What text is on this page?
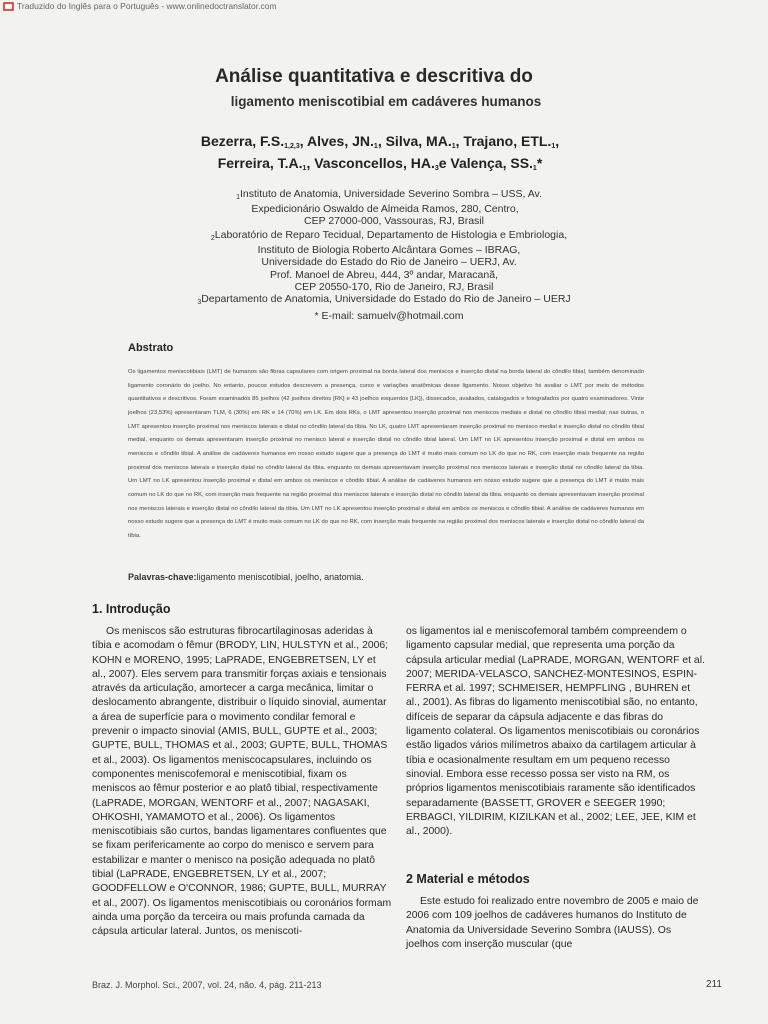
Traduzido do Inglês para o Português - www.onlinedoctranslator.com
Análise quantitativa e descritiva do
ligamento meniscotibial em cadáveres humanos
Bezerra, $F.S._{1,2,3}$, Alves, $JN._1$, Silva, $MA._1$, Trajano, $ETL._1$,
Ferreira, $T.A._1$, Vasconcellos, $HA._3e$ Valença, $SS._1*$
$_1$Instituto de Anatomia, Universidade Severino Sombra – USS, Av.
Expedicionário Oswaldo de Almeida Ramos, 280, Centro,
CEP 27000-000, Vassouras, RJ, Brasil
$_2$Laboratório de Reparo Tecidual, Departamento de Histologia e Embriologia,
Instituto de Biologia Roberto Alcântara Gomes – IBRAG,
Universidade do Estado do Rio de Janeiro – UERJ, Av.
Prof. Manoel de Abreu, 444, 3º andar, Maracanã,
CEP 20550-170, Rio de Janeiro, RJ, Brasil
$_3$Departamento de Anatomia, Universidade do Estado do Rio de Janeiro – UERJ
* E-mail: samuelv@hotmail.com
Abstrato
Os ligamentos meniscotibiais (LMT) de humanos são fibras capsulares com origem proximal na borda lateral dos meniscos e inserção distal na borda lateral do côndilo tibial, também denominado ligamento coronário do joelho. No entanto, poucos estudos descrevem a presença, curso e variações anatômicas desse ligamento. Nosso objetivo foi avaliar o LMT por meio de métodos quantitativos e descritivos. Foram examinados 85 joelhos (42 joelhos direitos [RK] e 43 joelhos esquerdos [LK]), dissecados, avaliados, catalogados e fotografados por quatro examinadores. Vinte joelhos (23,53%) apresentaram TLM, 6 (30%) em RK e 14 (70%) em LK. Em dois RKs, o LMT apresentou inserção proximal nos meniscos mediais e distal no côndilo tibial medial; nas outras, o LMT apresentou inserção proximal nos meniscos laterais e distal no côndilo lateral da tíbia. No LK, quatro LMT apresentaram inserção proximal no menisco medial e inserção distal no côndilo tibial medial, enquanto os demais apresentaram inserção proximal no menisco lateral e inserção distal no côndilo tibial lateral. Um LMT no LK apresentou inserção proximal e distal em ambos os meniscos e côndilo tibial. A análise de cadáveres humanos em nosso estudo sugere que a presença do LMT é muito mais comum no LK do que no RK, com inserção mais frequente na região proximal dos meniscos laterais e inserção distal no côndilo lateral da tíbia. enquanto os demais apresentavam inserção proximal nos meniscos laterais e inserção distal no côndilo lateral da tíbia. Um LMT no LK apresentou inserção proximal e distal em ambos os meniscos e côndilo tibial. A análise de cadáveres humanos em nosso estudo sugere que a presença do LMT é muito mais comum no LK do que no RK, com inserção mais frequente na região proximal dos meniscos laterais e inserção distal no côndilo lateral da tíbia. enquanto os demais apresentavam inserção proximal nos meniscos laterais e inserção distal no côndilo lateral da tíbia. Um LMT no LK apresentou inserção proximal e distal em ambos os meniscos e côndilo tibial. A análise de cadáveres humanos em nosso estudo sugere que a presença do LMT é muito mais comum no LK do que no RK, com inserção mais frequente na região proximal dos meniscos laterais e inserção distal no côndilo lateral da tíbia.
Palavras-chave:ligamento meniscotibial, joelho, anatomia.
1. Introdução

Os meniscos são estruturas fibrocartilaginosas aderidas à tíbia e acomodam o fêmur (BRODY, LIN, HULSTYN et al., 2006; KOHN e MORENO, 1995; LaPRADE, ENGEBRETSEN, LY et al., 2007). Eles servem para transmitir forças axiais e tensionais através da articulação, amortecer a carga mecânica, limitar o deslocamento abrangente, distribuir o líquido sinovial, aumentar a área de superfície para o movimento condilar femoral e prevenir o impacto sinovial (AMIS, BULL, GUPTE et al., 2003; GUPTE, BULL, THOMAS et al., 2003; GUPTE, BULL, THOMAS et al., 2003). Os ligamentos meniscocapsulares, incluindo os componentes meniscofemoral e meniscotibial, fixam os meniscos ao fêmur posterior e ao platô tibial, respectivamente (LaPRADE, MORGAN, WENTORF et al., 2007; NAGASAKI, OHKOSHI, YAMAMOTO et al., 2006). Os ligamentos meniscotibiais são curtos, bandas ligamentares confluentes que se fixam perifericamente ao corpo do menisco e servem para estabilizar e manter o menisco na posição adequada no platô tibial (LaPRADE, ENGEBRETSEN, LY et al., 2007; GOODFELLOW e O'CONNOR, 1986; GUPTE, BULL, MURRAY et al., 2007). Os ligamentos meniscotibiais ou coronários formam ainda uma porção da terceira ou mais profunda camada da cápsula articular lateral. Juntos, os meniscoti-

os ligamentos ial e meniscofemoral também compreendem o ligamento capsular medial, que representa uma porção da cápsula articular medial (LaPRADE, MORGAN, WENTORF et al. 2007; MERIDA-VELASCO, SANCHEZ-MONTESINOS, ESPIN-FERRA et al. 1997; SCHMEISER, HEMPFLING , BUHREN et al., 2001). As fibras do ligamento meniscotibial são, no entanto, difíceis de separar da cápsula adjacente e das fibras do ligamento colateral. Os ligamentos meniscotibiais ou coronários estão ligados vários milímetros abaixo da cartilagem articular à tíbia e ocasionalmente resultam em um pequeno recesso sinovial. Embora esse recesso possa ser visto na RM, os próprios ligamentos meniscotibiais raramente são identificados separadamente (BASSETT, GROVER e SEEGER 1990; ERBAGCI, YILDIRIM, KIZILKAN et al., 2002; LEE, JEE, KIM et al., 2000).

2 Material e métodos

Este estudo foi realizado entre novembro de 2005 e maio de 2006 com 109 joelhos de cadáveres humanos do Instituto de Anatomia da Universidade Severino Sombra (IAUSS). Os joelhos com inserção muscular (que

Braz. J. Morphol. Sci., 2007, vol. 24, não. 4, pág. 211-213	211
